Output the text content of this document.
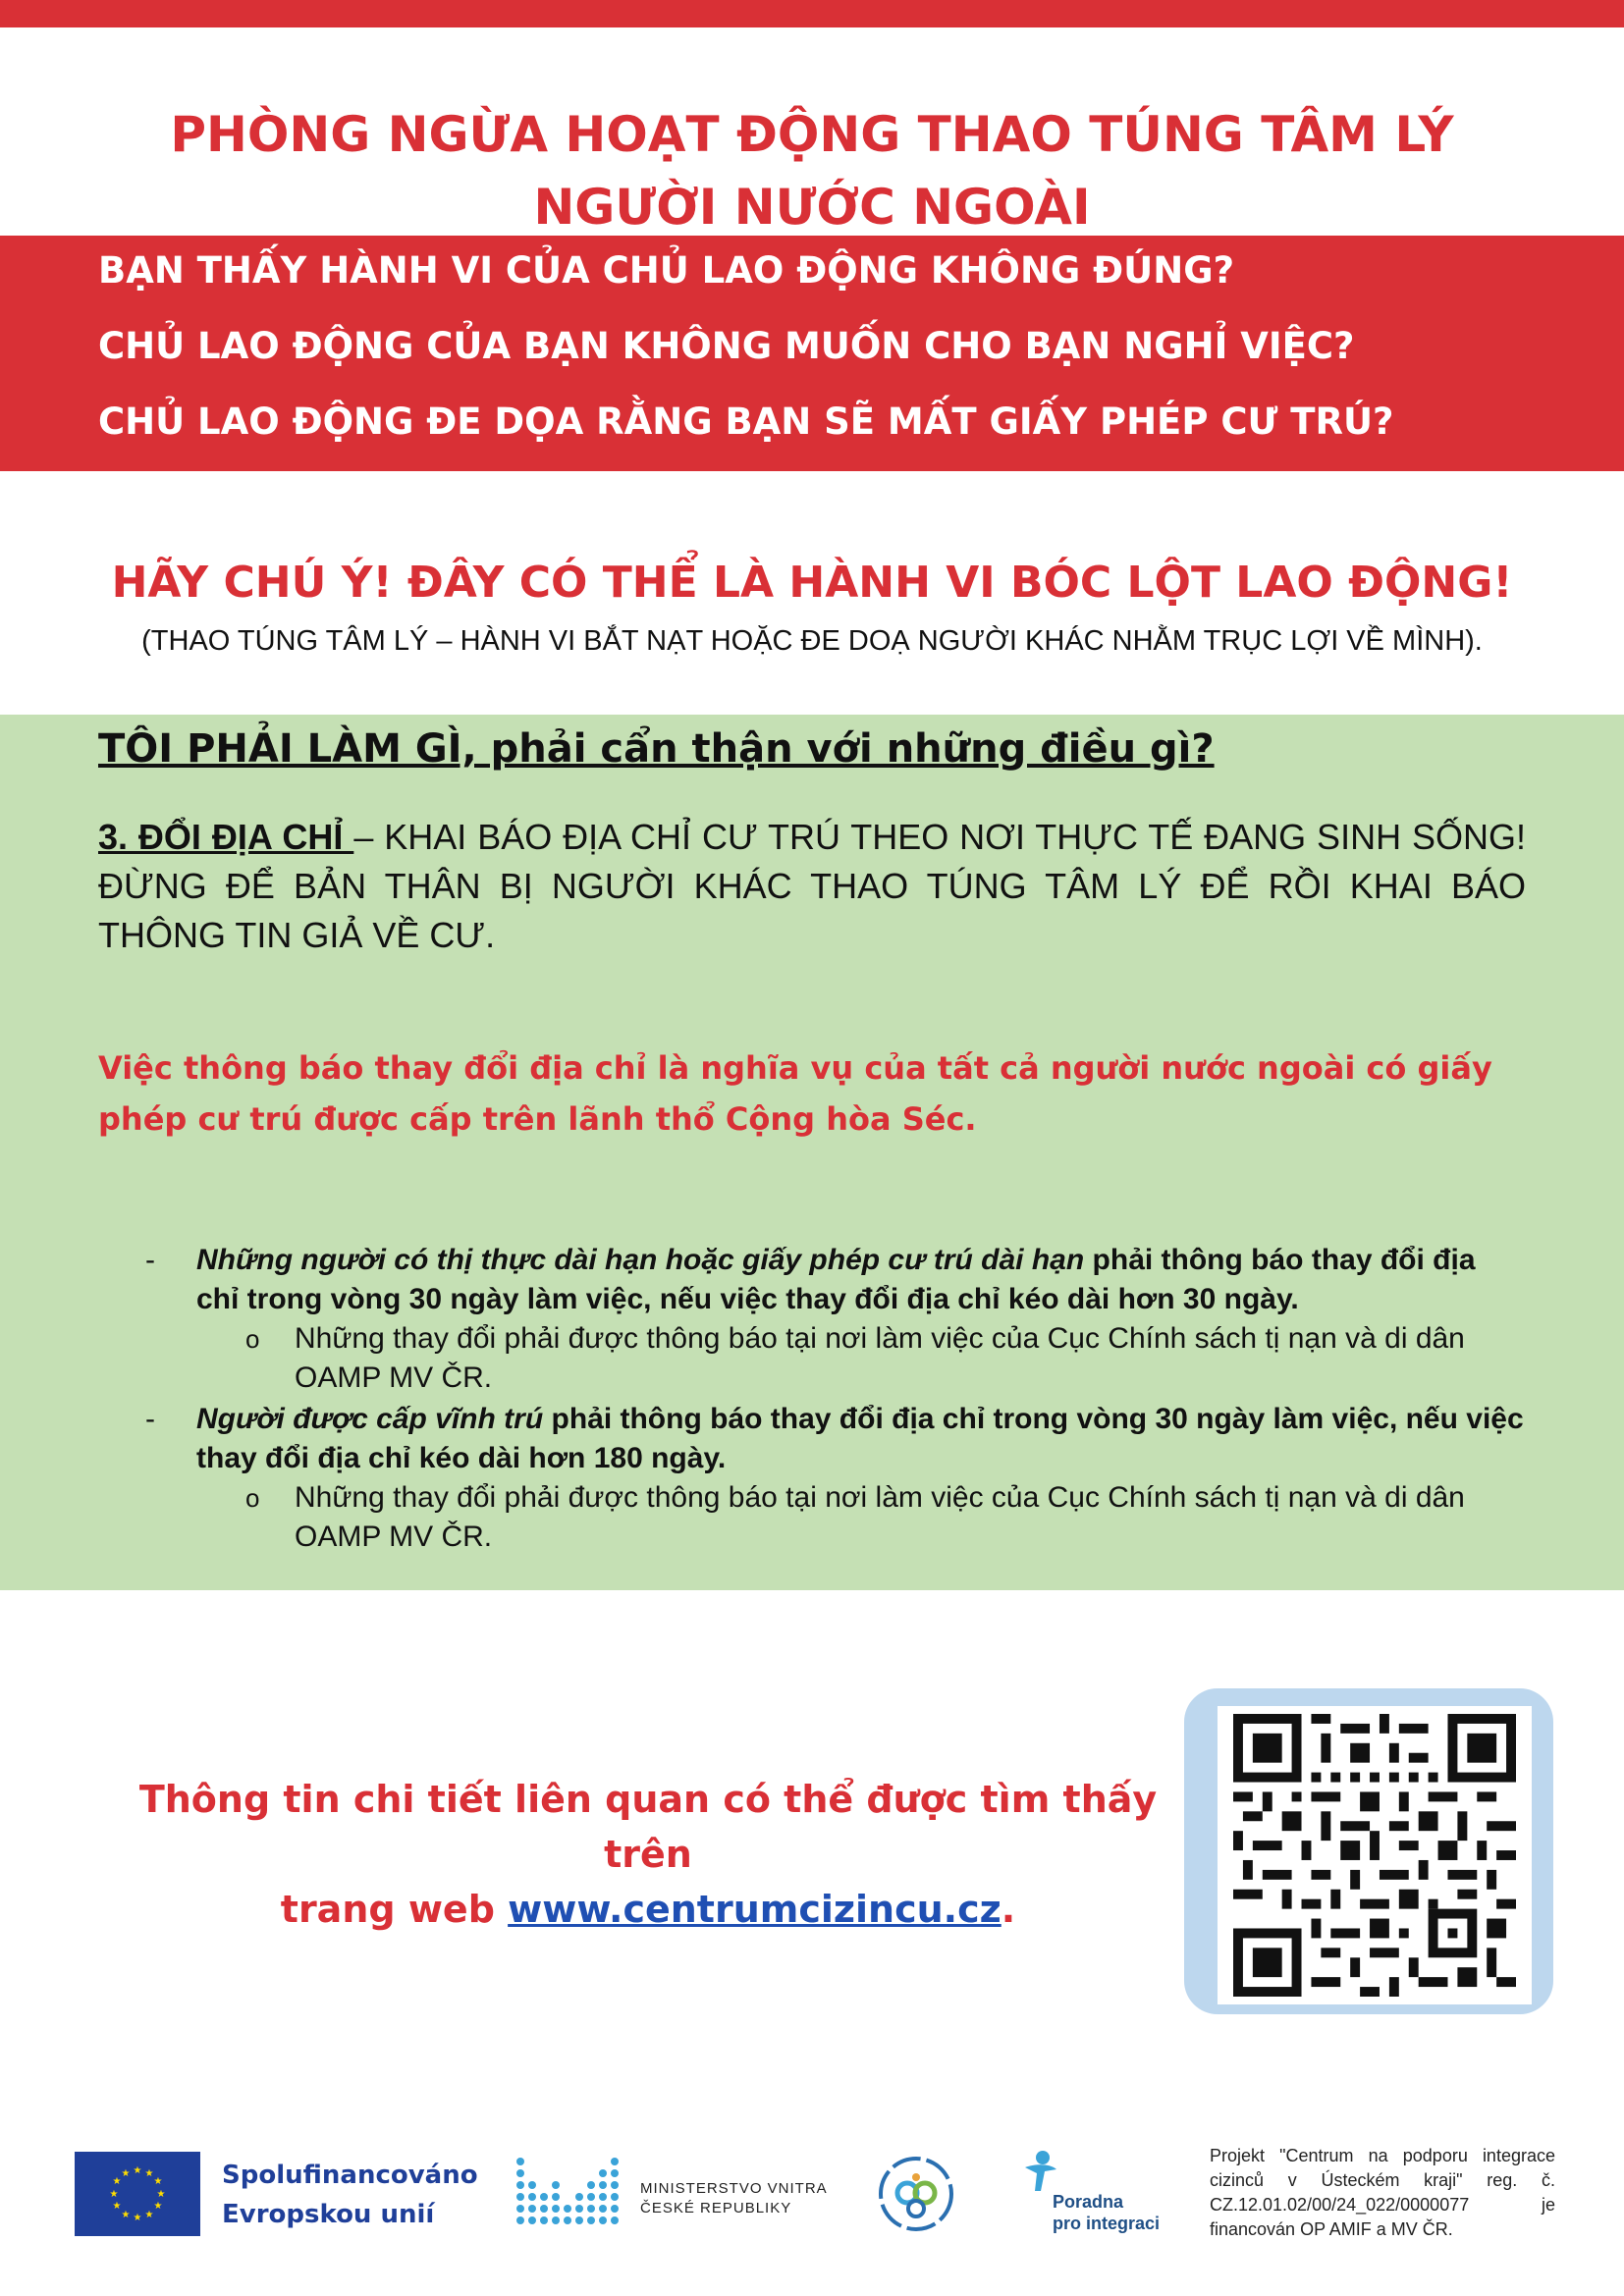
PHÒNG NGỪA HOẠT ĐỘNG THAO TÚNG TÂM LÝ
NGƯỜI NƯỚC NGOÀI
BẠN THẤY HÀNH VI CỦA CHỦ LAO ĐỘNG KHÔNG ĐÚNG?
CHỦ LAO ĐỘNG CỦA BẠN KHÔNG MUỐN CHO BẠN NGHỈ VIỆC?
CHỦ LAO ĐỘNG ĐE DỌA RẰNG BẠN SẼ MẤT GIẤY PHÉP CƯ TRÚ?
HÃY CHÚ Ý! ĐÂY CÓ THỂ LÀ HÀNH VI BÓC LỘT LAO ĐỘNG!
(THAO TÚNG TÂM LÝ – HÀNH VI BẮT NẠT HOẶC ĐE DOẠ NGƯỜI KHÁC NHẰM TRỤC LỢI VỀ MÌNH).
TÔI PHẢI LÀM GÌ, phải cẩn thận với những điều gì?
3. ĐỔI ĐỊA CHỈ – KHAI BÁO ĐỊA CHỈ CƯ TRÚ THEO NƠI THỰC TẾ ĐANG SINH SỐNG! ĐỪNG ĐỂ BẢN THÂN BỊ NGƯỜI KHÁC THAO TÚNG TÂM LÝ ĐỂ RỒI KHAI BÁO THÔNG TIN GIẢ VỀ CƯ.
Việc thông báo thay đổi địa chỉ là nghĩa vụ của tất cả người nước ngoài có giấy phép cư trú được cấp trên lãnh thổ Cộng hòa Séc.
- Những người có thị thực dài hạn hoặc giấy phép cư trú dài hạn phải thông báo thay đổi địa chỉ trong vòng 30 ngày làm việc, nếu việc thay đổi địa chỉ kéo dài hơn 30 ngày.
o Những thay đổi phải được thông báo tại nơi làm việc của Cục Chính sách tị nạn và di dân OAMP MV ČR.
- Người được cấp vĩnh trú phải thông báo thay đổi địa chỉ trong vòng 30 ngày làm việc, nếu việc thay đổi địa chỉ kéo dài hơn 180 ngày.
o Những thay đổi phải được thông báo tại nơi làm việc của Cục Chính sách tị nạn và di dân OAMP MV ČR.
Thông tin chi tiết liên quan có thể được tìm thấy trên
trang web www.centrumcizincu.cz.
★ ★
★
★
★
★
★
★
★
★
★
★	Spolufinancováno
Evropskou unií
MINISTERSTVO VNITRA
ČESKÉ REPUBLIKY	Poradna
pro integraci
Projekt "Centrum na podporu integrace cizinců v Ústeckém kraji" reg. č. CZ.12.01.02/00/24_022/0000077 je financován OP AMIF a MV ČR.
